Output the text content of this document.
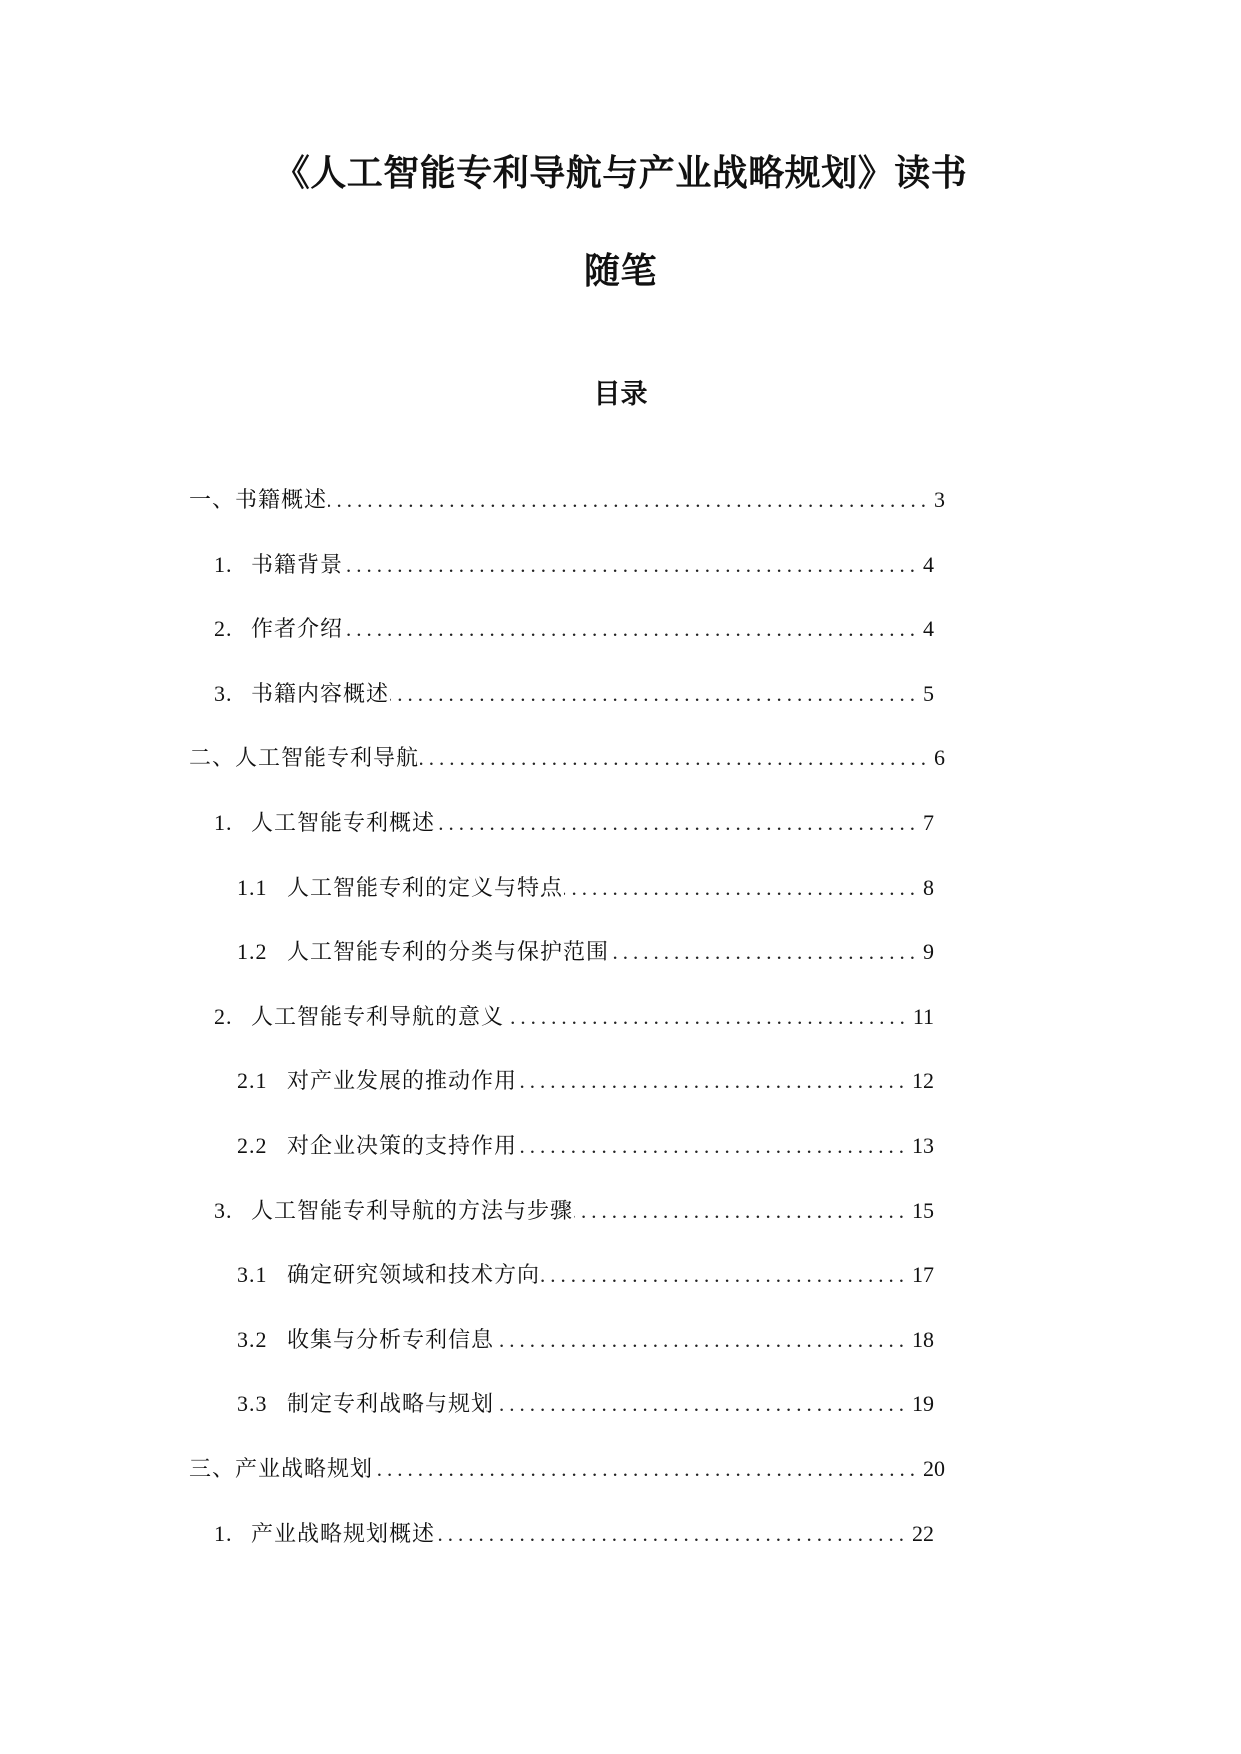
《人工智能专利导航与产业战略规划》读书
随笔
目录
一、 书籍概述 .....	3
1. 书籍背景 .....	4
2. 作者介绍 .....	4
3. 书籍内容概述 .....	5
二、 人工智能专利导航 .....	6
1. 人工智能专利概述 .....	7
1.1 人工智能专利的定义与特点 .....	8
1.2 人工智能专利的分类与保护范围 .....	9
2. 人工智能专利导航的意义 .....	11
2.1 对产业发展的推动作用 .....	12
2.2 对企业决策的支持作用 .....	13
3. 人工智能专利导航的方法与步骤 .....	15
3.1 确定研究领域和技术方向 .....	17
3.2 收集与分析专利信息 .....	18
3.3 制定专利战略与规划 .....	19
三、 产业战略规划 .....	20
1. 产业战略规划概述 .....	22
